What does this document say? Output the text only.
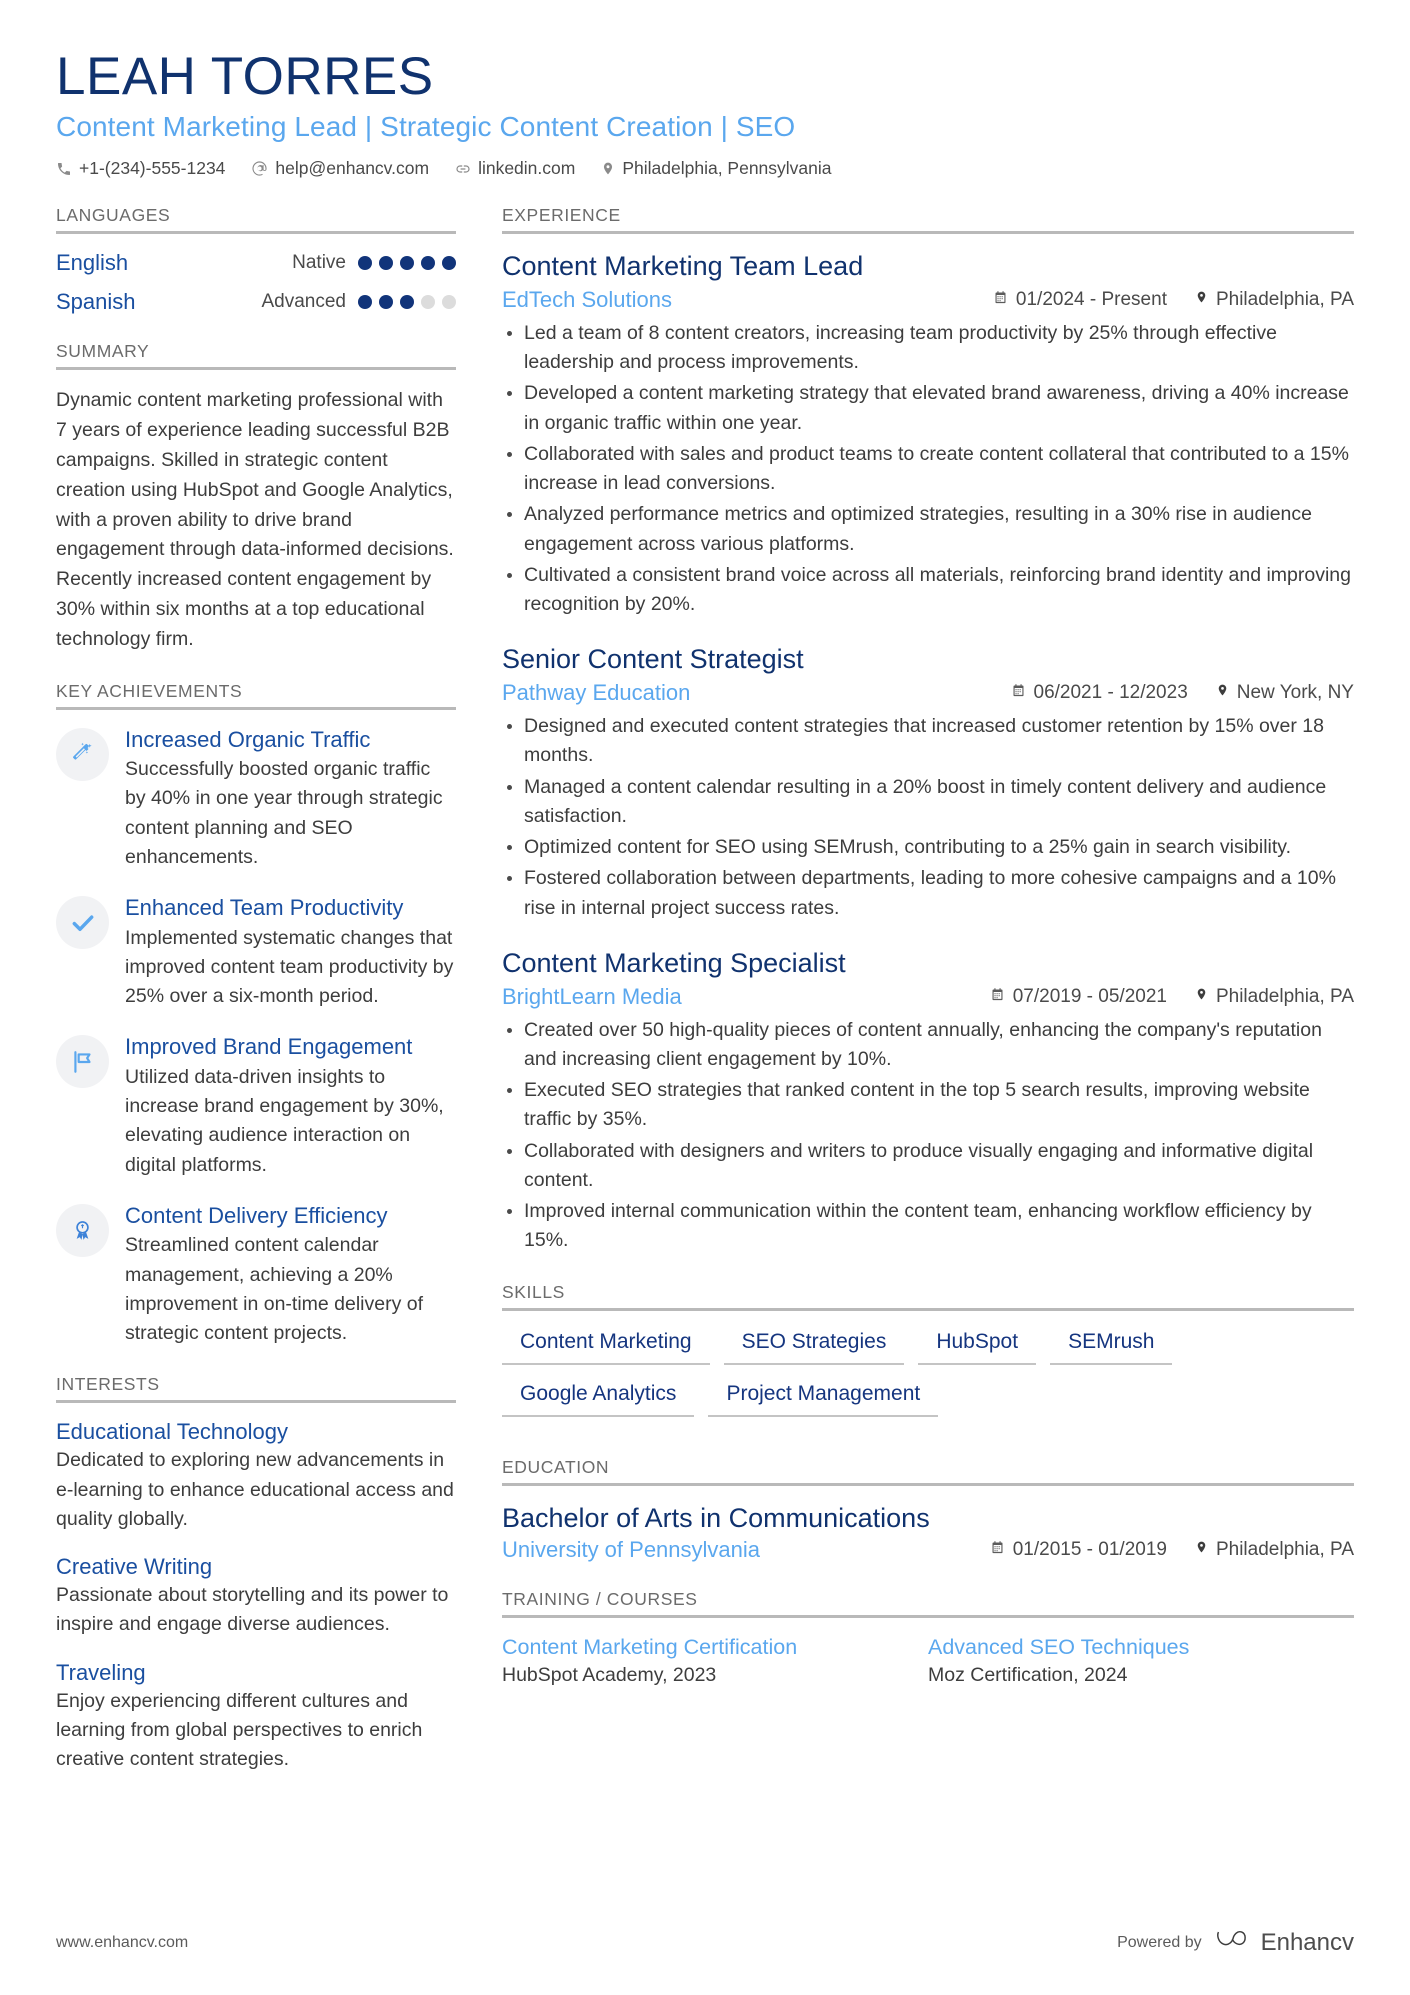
LEAH TORRES
Content Marketing Lead | Strategic Content Creation | SEO
+1-(234)-555-1234	help@enhancv.com	linkedin.com	Philadelphia, Pennsylvania
LANGUAGES
English	Native
Spanish	Advanced
SUMMARY
Dynamic content marketing professional with 7 years of experience leading successful B2B campaigns. Skilled in strategic content creation using HubSpot and Google Analytics, with a proven ability to drive brand engagement through data-informed decisions. Recently increased content engagement by 30% within six months at a top educational technology firm.
KEY ACHIEVEMENTS
Increased Organic Traffic
Successfully boosted organic traffic by 40% in one year through strategic content planning and SEO enhancements.
Enhanced Team Productivity
Implemented systematic changes that improved content team productivity by 25% over a six-month period.
Improved Brand Engagement
Utilized data-driven insights to increase brand engagement by 30%, elevating audience interaction on digital platforms.
Content Delivery Efficiency
Streamlined content calendar management, achieving a 20% improvement in on-time delivery of strategic content projects.
INTERESTS
Educational Technology
Dedicated to exploring new advancements in e-learning to enhance educational access and quality globally.
Creative Writing
Passionate about storytelling and its power to inspire and engage diverse audiences.
Traveling
Enjoy experiencing different cultures and learning from global perspectives to enrich creative content strategies.
EXPERIENCE
Content Marketing Team Lead
EdTech Solutions	01/2024 - Present	Philadelphia, PA
Led a team of 8 content creators, increasing team productivity by 25% through effective leadership and process improvements.
Developed a content marketing strategy that elevated brand awareness, driving a 40% increase in organic traffic within one year.
Collaborated with sales and product teams to create content collateral that contributed to a 15% increase in lead conversions.
Analyzed performance metrics and optimized strategies, resulting in a 30% rise in audience engagement across various platforms.
Cultivated a consistent brand voice across all materials, reinforcing brand identity and improving recognition by 20%.
Senior Content Strategist
Pathway Education	06/2021 - 12/2023	New York, NY
Designed and executed content strategies that increased customer retention by 15% over 18 months.
Managed a content calendar resulting in a 20% boost in timely content delivery and audience satisfaction.
Optimized content for SEO using SEMrush, contributing to a 25% gain in search visibility.
Fostered collaboration between departments, leading to more cohesive campaigns and a 10% rise in internal project success rates.
Content Marketing Specialist
BrightLearn Media	07/2019 - 05/2021	Philadelphia, PA
Created over 50 high-quality pieces of content annually, enhancing the company's reputation and increasing client engagement by 10%.
Executed SEO strategies that ranked content in the top 5 search results, improving website traffic by 35%.
Collaborated with designers and writers to produce visually engaging and informative digital content.
Improved internal communication within the content team, enhancing workflow efficiency by 15%.
SKILLS
Content Marketing	SEO Strategies	HubSpot	SEMrush
Google Analytics	Project Management
EDUCATION
Bachelor of Arts in Communications
University of Pennsylvania	01/2015 - 01/2019	Philadelphia, PA
TRAINING / COURSES
Content Marketing Certification
HubSpot Academy, 2023
Advanced SEO Techniques
Moz Certification, 2024
www.enhancv.com	Powered by Enhancv
